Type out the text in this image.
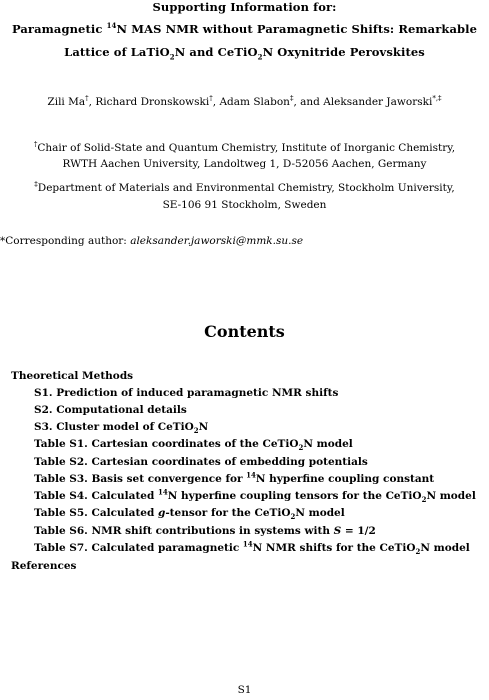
Supporting Information for:
Paramagnetic $^{14}$N MAS NMR without Paramagnetic Shifts: Remarkable
Lattice of LaTiO$_2$N and CeTiO$_2$N Oxynitride Perovskites
Zili Ma†, Richard Dronskowski†, Adam Slabon‡, and Aleksander Jaworski*,‡
†Chair of Solid-State and Quantum Chemistry, Institute of Inorganic Chemistry,
RWTH Aachen University, Landoltweg 1, D-52056 Aachen, Germany
‡Department of Materials and Environmental Chemistry, Stockholm University,
SE-106 91 Stockholm, Sweden
*Corresponding author: aleksander.jaworski@mmk.su.se
Contents
Theoretical Methods
S1. Prediction of induced paramagnetic NMR shifts
S2. Computational details
S3. Cluster model of CeTiO$_2$N
Table S1. Cartesian coordinates of the CeTiO$_2$N model
Table S2. Cartesian coordinates of embedding potentials
Table S3. Basis set convergence for $^{14}$N hyperfine coupling constant
Table S4. Calculated $^{14}$N hyperfine coupling tensors for the CeTiO$_2$N model
Table S5. Calculated g-tensor for the CeTiO$_2$N model
Table S6. NMR shift contributions in systems with S = 1/2
Table S7. Calculated paramagnetic $^{14}$N NMR shifts for the CeTiO$_2$N model
References
S1
